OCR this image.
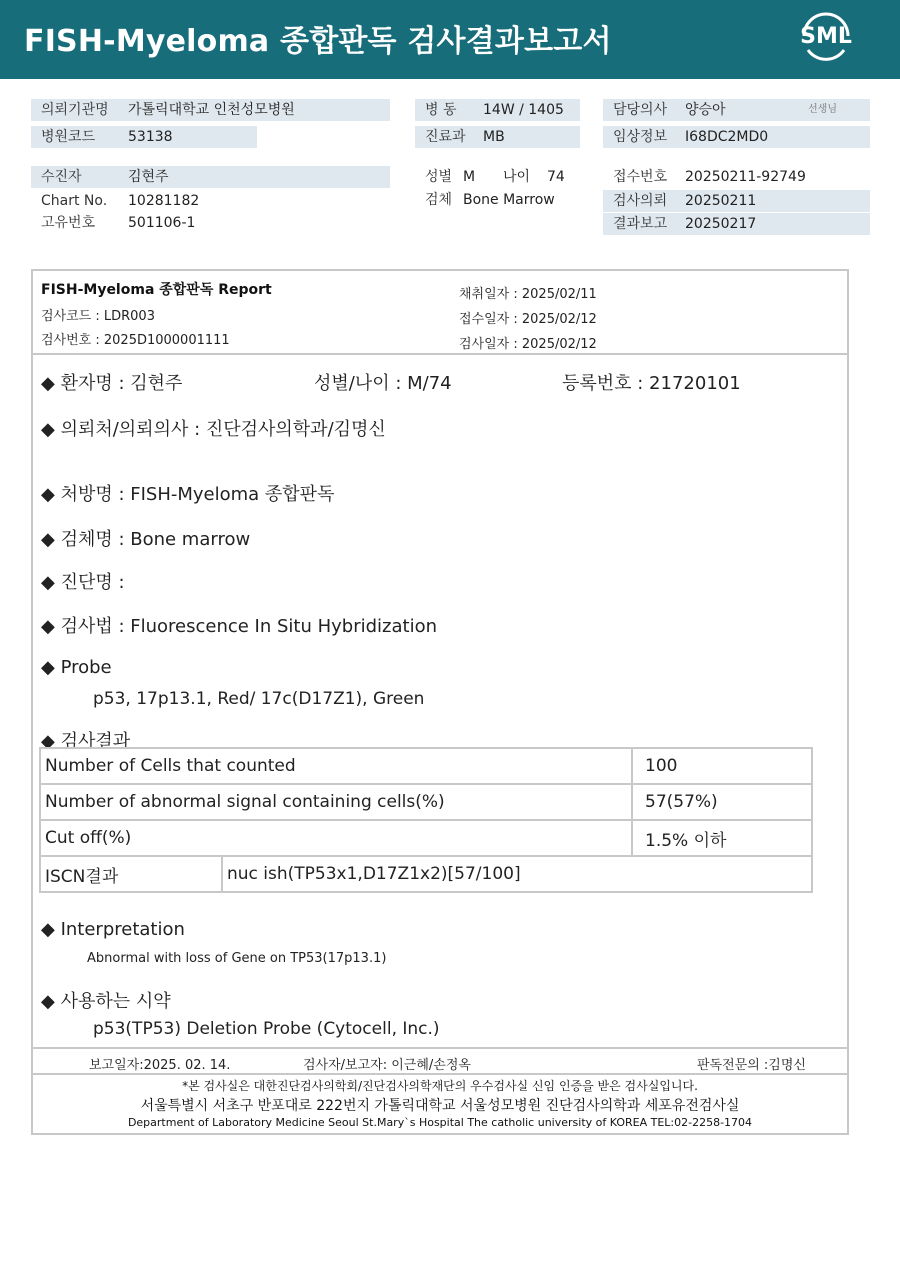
FISH-Myeloma 종합판독 검사결과보고서	SML
의뢰기관명 가톨릭대학교 인천성모병원
병원코드 53138
병 동 14W / 1405
진료과 MB
담당의사 양승아	선생님
임상정보 I68DC2MD0
수진자	김현주
Chart No. 10281182
고유번호 501106-1
성별 M 나이 74
검체 Bone Marrow
접수번호 20250211-92749
검사의뢰 20250211
결과보고 20250217
FISH-Myeloma 종합판독 Report
검사코드 : LDR003
검사번호 : 2025D1000001111
채취일자 : 2025/02/11
접수일자 : 2025/02/12
검사일자 : 2025/02/12
◆ 환자명 : 김현주	성별/나이 : M/74	등록번호 : 21720101
◆ 의뢰처/의뢰의사 : 진단검사의학과/김명신
◆ 처방명 : FISH-Myeloma 종합판독
◆ 검체명 : Bone marrow
◆ 진단명 :
◆ 검사법 : Fluorescence In Situ Hybridization
◆ Probe
p53, 17p13.1, Red/ 17c(D17Z1), Green
◆ 검사결과
Number of Cells that counted		100
Number of abnormal signal containing cells(%)		57(57%)
Cut off(%)		1.5% 이하
ISCN결과	nuc ish(TP53x1,D17Z1x2)[57/100]	
◆ Interpretation
Abnormal with loss of Gene on TP53(17p13.1)
◆ 사용하는 시약
p53(TP53) Deletion Probe (Cytocell, Inc.)
보고일자:2025. 02. 14.	검사자/보고자: 이근혜/손정옥	판독전문의 :김명신
*본 검사실은 대한진단검사의학회/진단검사의학재단의 우수검사실 신임 인증을 받은 검사실입니다.
서울특별시 서초구 반포대로 222번지 가톨릭대학교 서울성모병원 진단검사의학과 세포유전검사실
Department of Laboratory Medicine Seoul St.Mary`s Hospital The catholic university of KOREA TEL:02-2258-1704
